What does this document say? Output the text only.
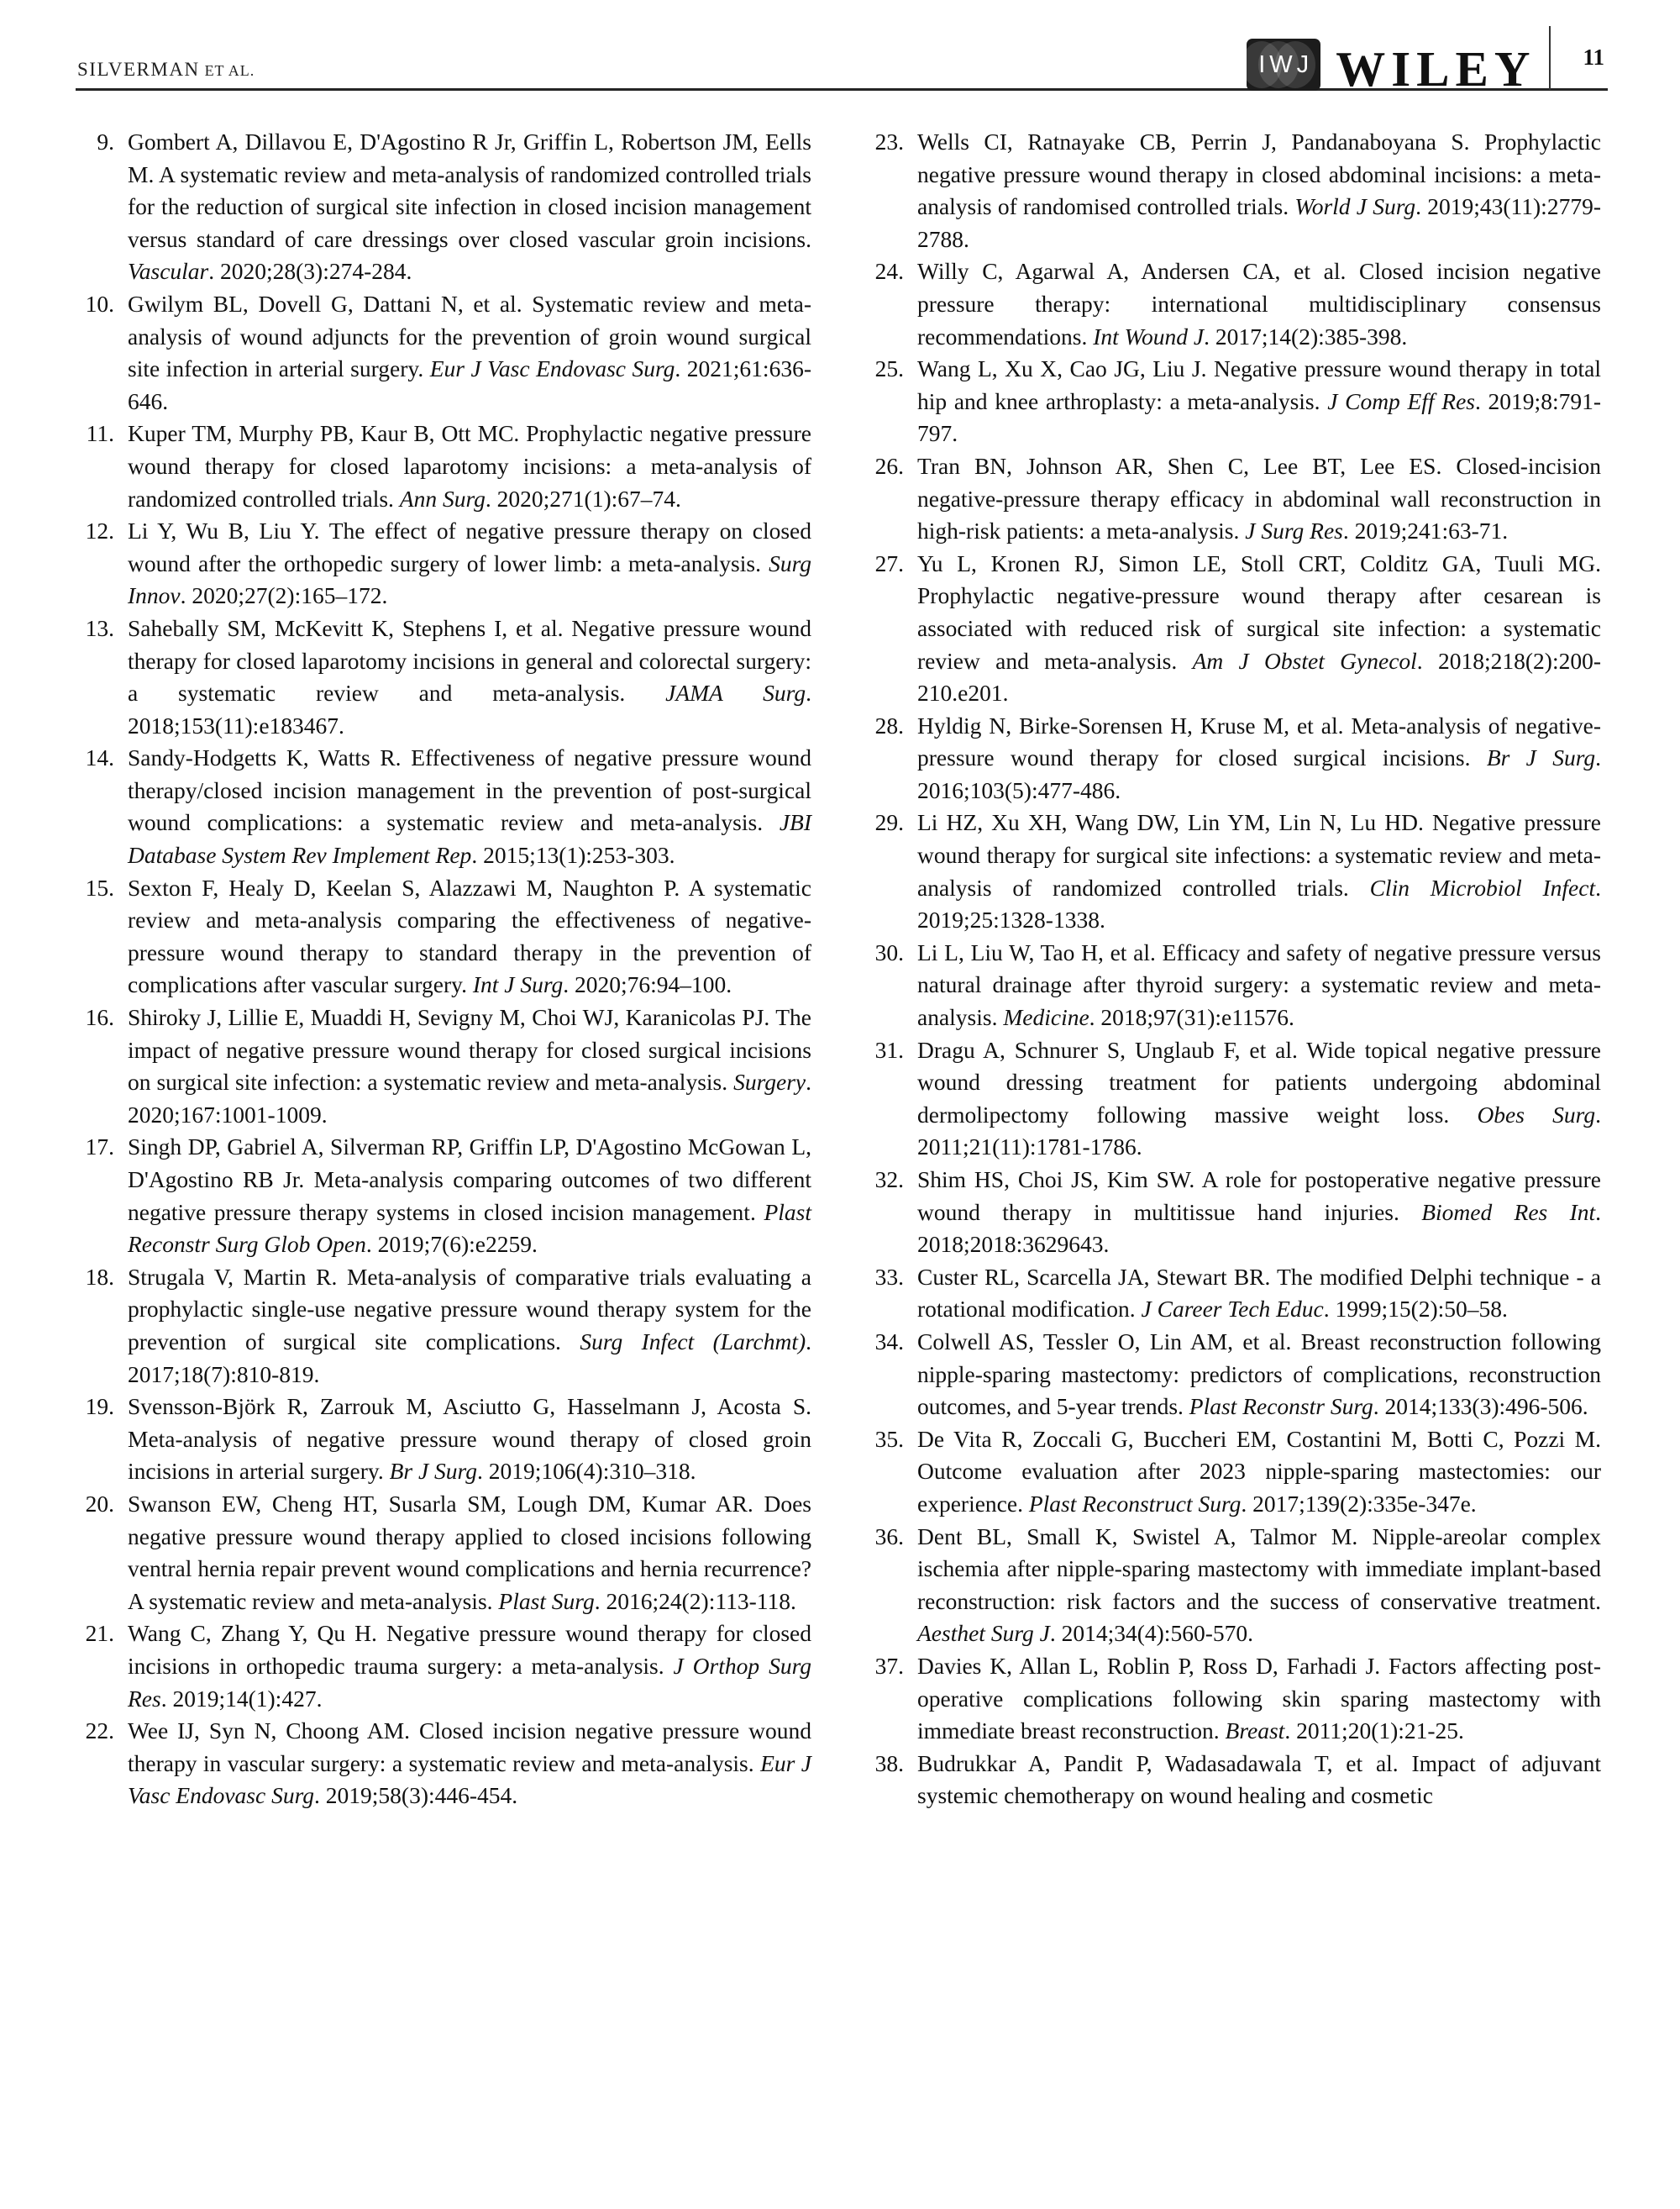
SILVERMAN ET AL.	IWJ WILEY 11
9. Gombert A, Dillavou E, D'Agostino R Jr, Griffin L, Robertson JM, Eells M. A systematic review and meta-analysis of randomized controlled trials for the reduction of surgical site infection in closed incision management versus standard of care dressings over closed vascular groin incisions. Vascular. 2020;28(3):274-284.
10. Gwilym BL, Dovell G, Dattani N, et al. Systematic review and meta-analysis of wound adjuncts for the prevention of groin wound surgical site infection in arterial surgery. Eur J Vasc Endovasc Surg. 2021;61:636-646.
11. Kuper TM, Murphy PB, Kaur B, Ott MC. Prophylactic negative pressure wound therapy for closed laparotomy incisions: a meta-analysis of randomized controlled trials. Ann Surg. 2020;271(1):67–74.
12. Li Y, Wu B, Liu Y. The effect of negative pressure therapy on closed wound after the orthopedic surgery of lower limb: a meta-analysis. Surg Innov. 2020;27(2):165–172.
13. Sahebally SM, McKevitt K, Stephens I, et al. Negative pressure wound therapy for closed laparotomy incisions in general and colorectal surgery: a systematic review and meta-analysis. JAMA Surg. 2018;153(11):e183467.
14. Sandy-Hodgetts K, Watts R. Effectiveness of negative pressure wound therapy/closed incision management in the prevention of post-surgical wound complications: a systematic review and meta-analysis. JBI Database System Rev Implement Rep. 2015;13(1):253-303.
15. Sexton F, Healy D, Keelan S, Alazzawi M, Naughton P. A systematic review and meta-analysis comparing the effectiveness of negative-pressure wound therapy to standard therapy in the prevention of complications after vascular surgery. Int J Surg. 2020;76:94–100.
16. Shiroky J, Lillie E, Muaddi H, Sevigny M, Choi WJ, Karanicolas PJ. The impact of negative pressure wound therapy for closed surgical incisions on surgical site infection: a systematic review and meta-analysis. Surgery. 2020;167:1001-1009.
17. Singh DP, Gabriel A, Silverman RP, Griffin LP, D'Agostino McGowan L, D'Agostino RB Jr. Meta-analysis comparing outcomes of two different negative pressure therapy systems in closed incision management. Plast Reconstr Surg Glob Open. 2019;7(6):e2259.
18. Strugala V, Martin R. Meta-analysis of comparative trials evaluating a prophylactic single-use negative pressure wound therapy system for the prevention of surgical site complications. Surg Infect (Larchmt). 2017;18(7):810-819.
19. Svensson-Björk R, Zarrouk M, Asciutto G, Hasselmann J, Acosta S. Meta-analysis of negative pressure wound therapy of closed groin incisions in arterial surgery. Br J Surg. 2019;106(4):310–318.
20. Swanson EW, Cheng HT, Susarla SM, Lough DM, Kumar AR. Does negative pressure wound therapy applied to closed incisions following ventral hernia repair prevent wound complications and hernia recurrence? A systematic review and meta-analysis. Plast Surg. 2016;24(2):113-118.
21. Wang C, Zhang Y, Qu H. Negative pressure wound therapy for closed incisions in orthopedic trauma surgery: a meta-analysis. J Orthop Surg Res. 2019;14(1):427.
22. Wee IJ, Syn N, Choong AM. Closed incision negative pressure wound therapy in vascular surgery: a systematic review and meta-analysis. Eur J Vasc Endovasc Surg. 2019;58(3):446-454.
23. Wells CI, Ratnayake CB, Perrin J, Pandanaboyana S. Prophylactic negative pressure wound therapy in closed abdominal incisions: a meta-analysis of randomised controlled trials. World J Surg. 2019;43(11):2779-2788.
24. Willy C, Agarwal A, Andersen CA, et al. Closed incision negative pressure therapy: international multidisciplinary consensus recommendations. Int Wound J. 2017;14(2):385-398.
25. Wang L, Xu X, Cao JG, Liu J. Negative pressure wound therapy in total hip and knee arthroplasty: a meta-analysis. J Comp Eff Res. 2019;8:791-797.
26. Tran BN, Johnson AR, Shen C, Lee BT, Lee ES. Closed-incision negative-pressure therapy efficacy in abdominal wall reconstruction in high-risk patients: a meta-analysis. J Surg Res. 2019;241:63-71.
27. Yu L, Kronen RJ, Simon LE, Stoll CRT, Colditz GA, Tuuli MG. Prophylactic negative-pressure wound therapy after cesarean is associated with reduced risk of surgical site infection: a systematic review and meta-analysis. Am J Obstet Gynecol. 2018;218(2):200-210.e201.
28. Hyldig N, Birke-Sorensen H, Kruse M, et al. Meta-analysis of negative-pressure wound therapy for closed surgical incisions. Br J Surg. 2016;103(5):477-486.
29. Li HZ, Xu XH, Wang DW, Lin YM, Lin N, Lu HD. Negative pressure wound therapy for surgical site infections: a systematic review and meta-analysis of randomized controlled trials. Clin Microbiol Infect. 2019;25:1328-1338.
30. Li L, Liu W, Tao H, et al. Efficacy and safety of negative pressure versus natural drainage after thyroid surgery: a systematic review and meta-analysis. Medicine. 2018;97(31):e11576.
31. Dragu A, Schnurer S, Unglaub F, et al. Wide topical negative pressure wound dressing treatment for patients undergoing abdominal dermolipectomy following massive weight loss. Obes Surg. 2011;21(11):1781-1786.
32. Shim HS, Choi JS, Kim SW. A role for postoperative negative pressure wound therapy in multitissue hand injuries. Biomed Res Int. 2018;2018:3629643.
33. Custer RL, Scarcella JA, Stewart BR. The modified Delphi technique - a rotational modification. J Career Tech Educ. 1999;15(2):50–58.
34. Colwell AS, Tessler O, Lin AM, et al. Breast reconstruction following nipple-sparing mastectomy: predictors of complications, reconstruction outcomes, and 5-year trends. Plast Reconstr Surg. 2014;133(3):496-506.
35. De Vita R, Zoccali G, Buccheri EM, Costantini M, Botti C, Pozzi M. Outcome evaluation after 2023 nipple-sparing mastectomies: our experience. Plast Reconstruct Surg. 2017;139(2):335e-347e.
36. Dent BL, Small K, Swistel A, Talmor M. Nipple-areolar complex ischemia after nipple-sparing mastectomy with immediate implant-based reconstruction: risk factors and the success of conservative treatment. Aesthet Surg J. 2014;34(4):560-570.
37. Davies K, Allan L, Roblin P, Ross D, Farhadi J. Factors affecting post-operative complications following skin sparing mastectomy with immediate breast reconstruction. Breast. 2011;20(1):21-25.
38. Budrukkar A, Pandit P, Wadasadawala T, et al. Impact of adjuvant systemic chemotherapy on wound healing and cosmetic
